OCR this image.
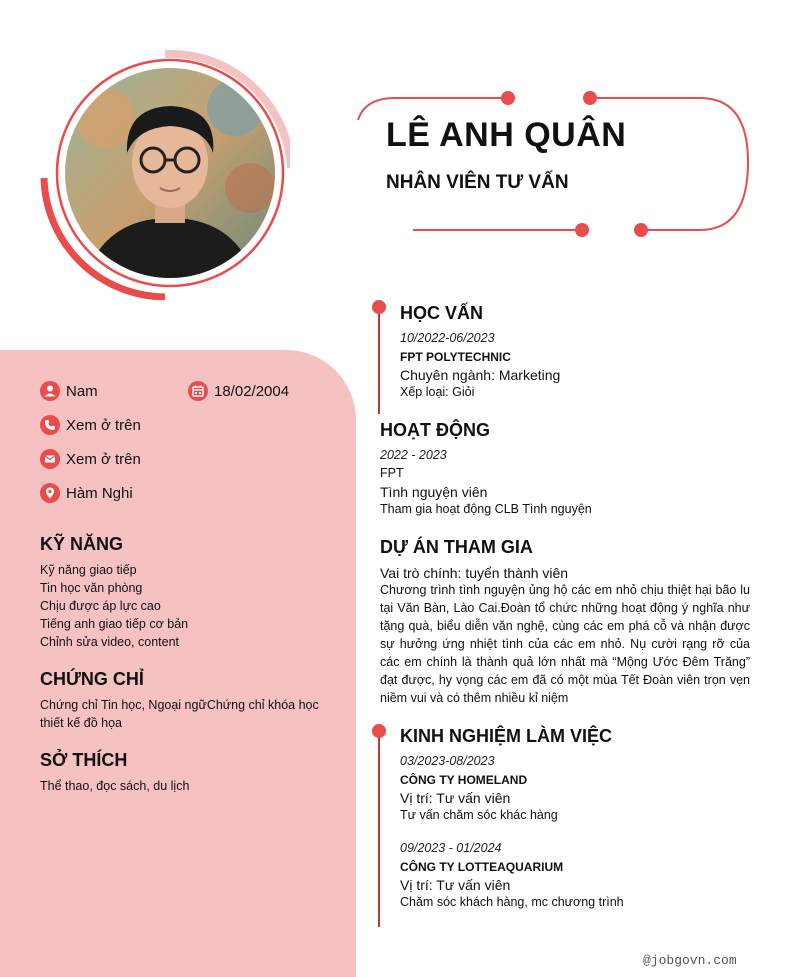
LÊ ANH QUÂN
NHÂN VIÊN TƯ VẤN
Nam	18/02/2004
Xem ở trên
Xem ở trên
Hàm Nghi
KỸ NĂNG
Kỹ năng giao tiếp
Tin học văn phòng
Chịu được áp lực cao
Tiếng anh giao tiếp cơ bản
Chỉnh sửa video, content
CHỨNG CHỈ
Chứng chỉ Tin học, Ngoại ngữChứng chỉ khóa học
thiết kế đồ họa
SỞ THÍCH
Thể thao, đọc sách, du lịch
HỌC VẤN
10/2022-06/2023
FPT POLYTECHNIC
Chuyên ngành: Marketing
Xếp loại: Giỏi
HOẠT ĐỘNG
2022 - 2023
FPT
Tình nguyện viên
Tham gia hoạt động CLB Tình nguyện
DỰ ÁN THAM GIA
Vai trò chính: tuyển thành viên
Chương trình tình nguyện ủng hộ các em nhỏ chịu thiệt hại bão lu tại Văn Bàn, Lào Cai.Đoàn tổ chức những hoạt động ý nghĩa như tặng quà, biểu diễn văn nghệ, cùng các em phá cỗ và nhận được sự hưởng ứng nhiệt tình của các em nhỏ. Nụ cười rạng rỡ của các em chính là thành quả lớn nhất mà “Mộng Ước Đêm Trăng” đạt được, hy vọng các em đã có một mùa Tết Đoàn viên trọn vẹn niềm vui và có thêm nhiều kỉ niệm
KINH NGHIỆM LÀM VIỆC
03/2023-08/2023
CÔNG TY HOMELAND
Vị trí: Tư vấn viên
Tư vấn chăm sóc khác hàng
09/2023 - 01/2024
CÔNG TY LOTTEAQUARIUM
Vị trí: Tư vấn viên
Chăm sóc khách hàng, mc chương trình
@jobgovn.com
